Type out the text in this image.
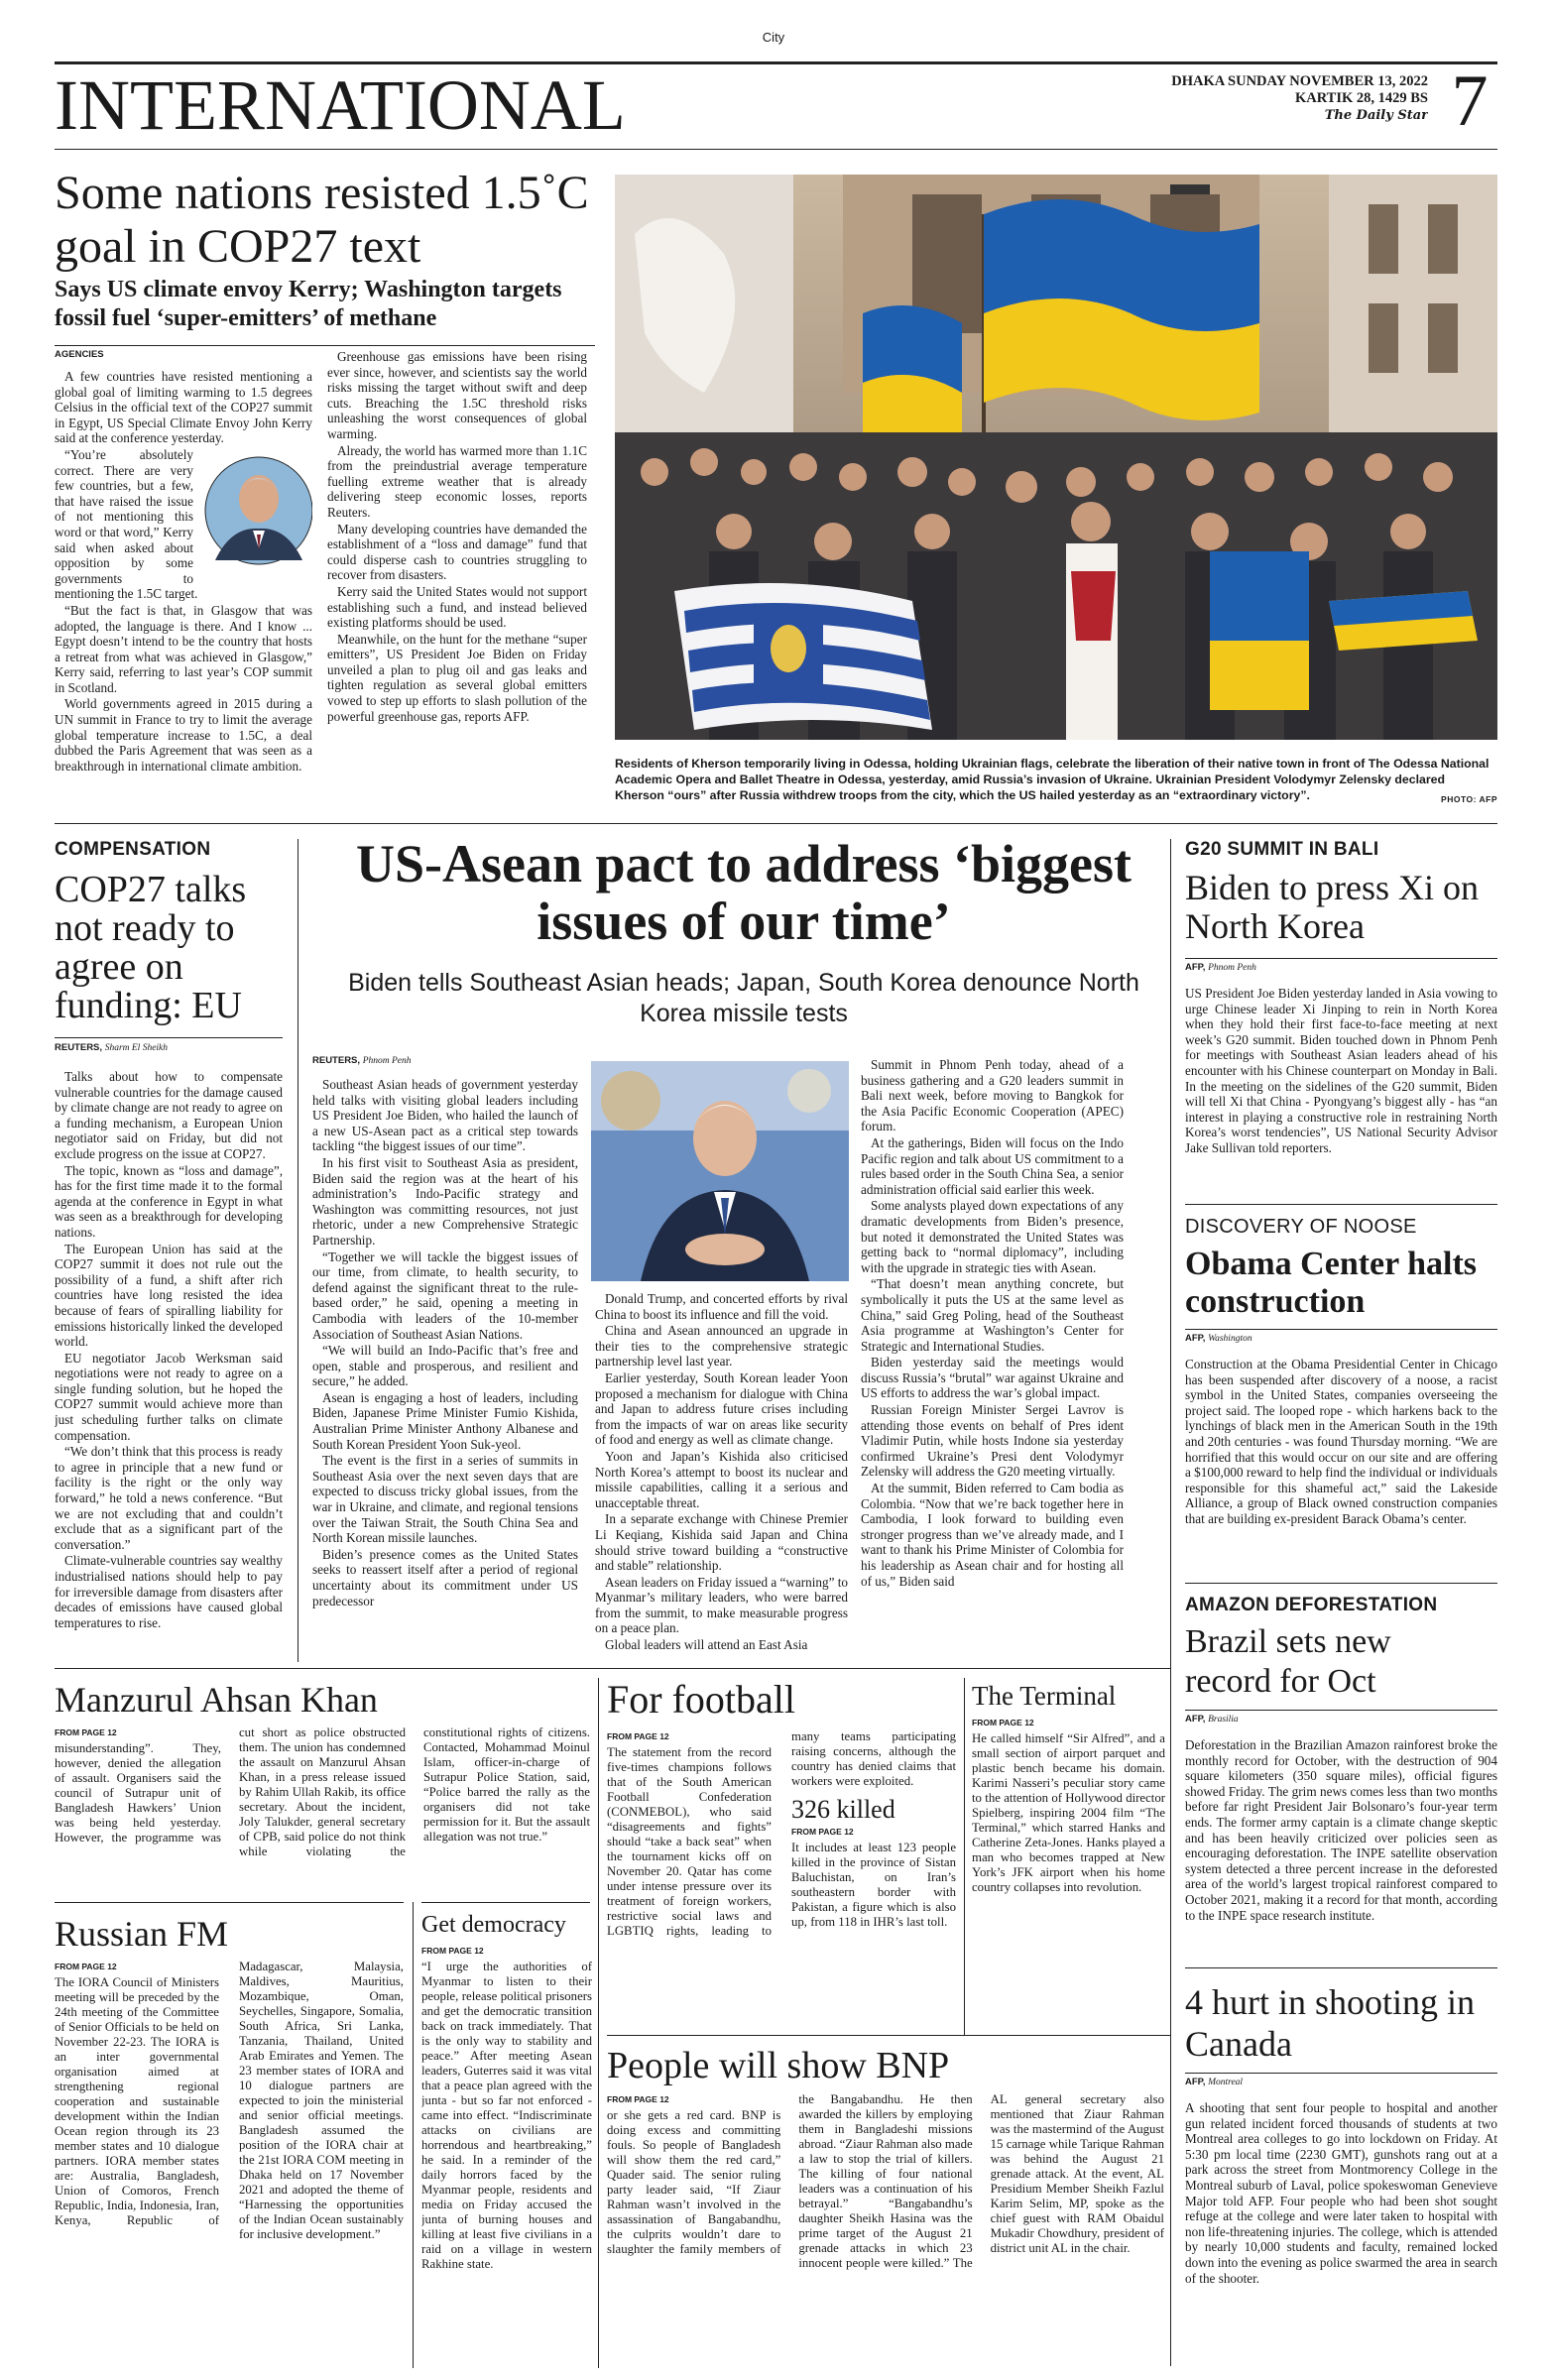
City
INTERNATIONAL	DHAKA SUNDAY NOVEMBER 13, 2022
KARTIK 28, 1429 BS
The Daily Star 7
Some nations resisted 1.5˚C goal in COP27 text
Says US climate envoy Kerry; Washington targets fossil fuel ‘super-emitters’ of methane
AGENCIES

A few countries have resisted mentioning a global goal of limiting warming to 1.5 degrees Celsius in the official text of the COP27 summit in Egypt, US Special Climate Envoy John Kerry said at the conference yesterday.

“You’re absolutely correct. There are very few countries, but a few, that have raised the issue of not mentioning this word or that word,” Kerry said when asked about opposition by some governments to mentioning the 1.5C target.

“But the fact is that, in Glasgow that was adopted, the language is there. And I know ... Egypt doesn’t intend to be the country that hosts a retreat from what was achieved in Glasgow,” Kerry said, referring to last year’s COP summit in Scotland.

World governments agreed in 2015 during a UN summit in France to try to limit the average global temperature increase to 1.5C, a deal dubbed the Paris Agreement that was seen as a breakthrough in international climate ambition.

Greenhouse gas emissions have been rising ever since, however, and scientists say the world risks missing the target without swift and deep cuts. Breaching the 1.5C threshold risks unleashing the worst consequences of global warming.

Already, the world has warmed more than 1.1C from the preindustrial average temperature fuelling extreme weather that is already delivering steep economic losses, reports Reuters.

Many developing countries have demanded the establishment of a “loss and damage” fund that could disperse cash to countries struggling to recover from disasters.

Kerry said the United States would not support establishing such a fund, and instead believed existing platforms should be used.

Meanwhile, on the hunt for the methane “super emitters”, US President Joe Biden on Friday unveiled a plan to plug oil and gas leaks and tighten regulation as several global emitters vowed to step up efforts to slash pollution of the powerful greenhouse gas, reports AFP.

Residents of Kherson temporarily living in Odessa, holding Ukrainian flags, celebrate the liberation of their native town in front of The Odessa National Academic Opera and Ballet Theatre in Odessa, yesterday, amid Russia’s invasion of Ukraine. Ukrainian President Volodymyr Zelensky declared Kherson “ours” after Russia withdrew troops from the city, which the US hailed yesterday as an “extraordinary victory”.	PHOTO: AFP
COMPENSATION
COP27 talks not ready to agree on funding: EU
REUTERS, Sharm El Sheikh

Talks about how to compensate vulnerable countries for the damage caused by climate change are not ready to agree on a funding mechanism, a European Union negotiator said on Friday, but did not exclude progress on the issue at COP27.

The topic, known as “loss and damage”, has for the first time made it to the formal agenda at the conference in Egypt in what was seen as a breakthrough for developing nations.

The European Union has said at the COP27 summit it does not rule out the possibility of a fund, a shift after rich countries have long resisted the idea because of fears of spiralling liability for emissions historically linked the developed world.

EU negotiator Jacob Werksman said negotiations were not ready to agree on a single funding solution, but he hoped the COP27 summit would achieve more than just scheduling further talks on climate compensation.

“We don’t think that this process is ready to agree in principle that a new fund or facility is the right or the only way forward,” he told a news conference. “But we are not excluding that and couldn’t exclude that as a significant part of the conversation.”

Climate-vulnerable countries say wealthy industrialised nations should help to pay for irreversible damage from disasters after decades of emissions have caused global temperatures to rise.

US-Asean pact to address ‘biggest issues of our time’
Biden tells Southeast Asian heads; Japan, South Korea denounce North Korea missile tests
REUTERS, Phnom Penh

Southeast Asian heads of government yesterday held talks with visiting global leaders including US President Joe Biden, who hailed the launch of a new US-Asean pact as a critical step towards tackling “the biggest issues of our time”.

In his first visit to Southeast Asia as president, Biden said the region was at the heart of his administration’s Indo-Pacific strategy and Washington was committing resources, not just rhetoric, under a new Comprehensive Strategic Partnership.

“Together we will tackle the biggest issues of our time, from climate, to health security, to defend against the significant threat to the rule-based order,” he said, opening a meeting in Cambodia with leaders of the 10-member Association of Southeast Asian Nations.

“We will build an Indo-Pacific that’s free and open, stable and prosperous, and resilient and secure,” he added.

Asean is engaging a host of leaders, including Biden, Japanese Prime Minister Fumio Kishida, Australian Prime Minister Anthony Albanese and South Korean President Yoon Suk-yeol.

The event is the first in a series of summits in Southeast Asia over the next seven days that are expected to discuss tricky global issues, from the war in Ukraine, and climate, and regional tensions over the Taiwan Strait, the South China Sea and North Korean missile launches.

Biden’s presence comes as the United States seeks to reassert itself after a period of regional uncertainty about its commitment under US predecessor

Donald Trump, and concerted efforts by rival China to boost its influence and fill the void.

China and Asean announced an upgrade in their ties to the comprehensive strategic partnership level last year.

Earlier yesterday, South Korean leader Yoon proposed a mechanism for dialogue with China and Japan to address future crises including from the impacts of war on areas like security of food and energy as well as climate change.

Yoon and Japan’s Kishida also criticised North Korea’s attempt to boost its nuclear and missile capabilities, calling it a serious and unacceptable threat.

In a separate exchange with Chinese Premier Li Keqiang, Kishida said Japan and China should strive toward building a “constructive and stable” relationship.

Asean leaders on Friday issued a “warning” to Myanmar’s military leaders, who were barred from the summit, to make measurable progress on a peace plan.

Global leaders will attend an East Asia

Summit in Phnom Penh today, ahead of a business gathering and a G20 leaders summit in Bali next week, before moving to Bangkok for the Asia Pacific Economic Cooperation (APEC) forum.

At the gatherings, Biden will focus on the Indo Pacific region and talk about US commitment to a rules based order in the South China Sea, a senior administration official said earlier this week.

Some analysts played down expectations of any dramatic developments from Biden’s presence, but noted it demonstrated the United States was getting back to “normal diplomacy”, including with the upgrade in strategic ties with Asean.

“That doesn’t mean anything concrete, but symbolically it puts the US at the same level as China,” said Greg Poling, head of the Southeast Asia programme at Washington’s Center for Strategic and International Studies.

Biden yesterday said the meetings would discuss Russia’s “brutal” war against Ukraine and US efforts to address the war’s global impact.

Russian Foreign Minister Sergei Lavrov is attending those events on behalf of Pres ident Vladimir Putin, while hosts Indone sia yesterday confirmed Ukraine’s Presi dent Volodymyr Zelensky will address the G20 meeting virtually.

At the summit, Biden referred to Cam bodia as Colombia. “Now that we’re back together here in Cambodia, I look forward to building even stronger progress than we’ve already made, and I want to thank his Prime Minister of Colombia for his leadership as Asean chair and for hosting all of us,” Biden said

G20 SUMMIT IN BALI
Biden to press Xi on North Korea
AFP, Phnom Penh
US President Joe Biden yesterday landed in Asia vowing to urge Chinese leader Xi Jinping to rein in North Korea when they hold their first face-to-face meeting at next week’s G20 summit. Biden touched down in Phnom Penh for meetings with Southeast Asian leaders ahead of his encounter with his Chinese counterpart on Monday in Bali. In the meeting on the sidelines of the G20 summit, Biden will tell Xi that China - Pyongyang’s biggest ally - has “an interest in playing a constructive role in restraining North Korea’s worst tendencies”, US National Security Advisor Jake Sullivan told reporters.
DISCOVERY OF NOOSE
Obama Center halts construction
AFP, Washington
Construction at the Obama Presidential Center in Chicago has been suspended after discovery of a noose, a racist symbol in the United States, companies overseeing the project said. The looped rope - which harkens back to the lynchings of black men in the American South in the 19th and 20th centuries - was found Thursday morning. “We are horrified that this would occur on our site and are offering a $100,000 reward to help find the individual or individuals responsible for this shameful act,” said the Lakeside Alliance, a group of Black owned construction companies that are building ex-president Barack Obama’s center.
AMAZON DEFORESTATION
Brazil sets new record for Oct
AFP, Brasilia
Deforestation in the Brazilian Amazon rainforest broke the monthly record for October, with the destruction of 904 square kilometers (350 square miles), official figures showed Friday. The grim news comes less than two months before far right President Jair Bolsonaro’s four-year term ends. The former army captain is a climate change skeptic and has been heavily criticized over policies seen as encouraging deforestation. The INPE satellite observation system detected a three percent increase in the deforested area of the world’s largest tropical rainforest compared to October 2021, making it a record for that month, according to the INPE space research institute.
4 hurt in shooting in Canada
AFP, Montreal
A shooting that sent four people to hospital and another gun related incident forced thousands of students at two Montreal area colleges to go into lockdown on Friday. At 5:30 pm local time (2230 GMT), gunshots rang out at a park across the street from Montmorency College in the Montreal suburb of Laval, police spokeswoman Genevieve Major told AFP. Four people who had been shot sought refuge at the college and were later taken to hospital with non life-threatening injuries. The college, which is attended by nearly 10,000 students and faculty, remained locked down into the evening as police swarmed the area in search of the shooter.
Manzurul Ahsan Khan
FROM PAGE 12
misunderstanding”. They, however, denied the allegation of assault. Organisers said the council of Sutrapur unit of Bangladesh Hawkers’ Union was being held yesterday. However, the programme was cut short as police obstructed them. The union has condemned the assault on Manzurul Ahsan Khan, in a press release issued by Rahim Ullah Rakib, its office secretary. About the incident, Joly Talukder, general secretary of CPB, said police do not think while violating the constitutional rights of citizens. Contacted, Mohammad Moinul Islam, officer-in-charge of Sutrapur Police Station, said, “Police barred the rally as the organisers did not take permission for it. But the assault allegation was not true.”
Russian FM
FROM PAGE 12
The IORA Council of Ministers meeting will be preceded by the 24th meeting of the Committee of Senior Officials to be held on November 22-23. The IORA is an inter governmental organisation aimed at strengthening regional cooperation and sustainable development within the Indian Ocean region through its 23 member states and 10 dialogue partners. IORA member states are: Australia, Bangladesh, Union of Comoros, French Republic, India, Indonesia, Iran, Kenya, Republic of Madagascar, Malaysia, Maldives, Mauritius, Mozambique, Oman, Seychelles, Singapore, Somalia, South Africa, Sri Lanka, Tanzania, Thailand, United Arab Emirates and Yemen. The 23 member states of IORA and 10 dialogue partners are expected to join the ministerial and senior official meetings. Bangladesh assumed the position of the IORA chair at the 21st IORA COM meeting in Dhaka held on 17 November 2021 and adopted the theme of “Harnessing the opportunities of the Indian Ocean sustainably for inclusive development.”
Get democracy
FROM PAGE 12
“I urge the authorities of Myanmar to listen to their people, release political prisoners and get the democratic transition back on track immediately. That is the only way to stability and peace.” After meeting Asean leaders, Guterres said it was vital that a peace plan agreed with the junta - but so far not enforced - came into effect. “Indiscriminate attacks on civilians are horrendous and heartbreaking,” he said. In a reminder of the daily horrors faced by the Myanmar people, residents and media on Friday accused the junta of burning houses and killing at least five civilians in a raid on a village in western Rakhine state.
For football
FROM PAGE 12
The statement from the record five-times champions follows that of the South American Football Confederation (CONMEBOL), who said “disagreements and fights” should “take a back seat” when the tournament kicks off on November 20. Qatar has come under intense pressure over its treatment of foreign workers, restrictive social laws and LGBTIQ rights, leading to many teams participating raising concerns, although the country has denied claims that workers were exploited.
326 killed
FROM PAGE 12
It includes at least 123 people killed in the province of Sistan Baluchistan, on Iran’s southeastern border with Pakistan, a figure which is also up, from 118 in IHR’s last toll.
The Terminal
FROM PAGE 12
He called himself “Sir Alfred”, and a small section of airport parquet and plastic bench became his domain. Karimi Nasseri’s peculiar story came to the attention of Hollywood director Spielberg, inspiring 2004 film “The Terminal,” which starred Hanks and Catherine Zeta-Jones. Hanks played a man who becomes trapped at New York’s JFK airport when his home country collapses into revolution.
People will show BNP
FROM PAGE 12
or she gets a red card. BNP is doing excess and committing fouls. So people of Bangladesh will show them the red card,” Quader said. The senior ruling party leader said, “If Ziaur Rahman wasn’t involved in the assassination of Bangabandhu, the culprits wouldn’t dare to slaughter the family members of the Bangabandhu. He then awarded the killers by employing them in Bangladeshi missions abroad. “Ziaur Rahman also made a law to stop the trial of killers. The killing of four national leaders was a continuation of his betrayal.” “Bangabandhu’s daughter Sheikh Hasina was the prime target of the August 21 grenade attacks in which 23 innocent people were killed.” The AL general secretary also mentioned that Ziaur Rahman was the mastermind of the August 15 carnage while Tarique Rahman was behind the August 21 grenade attack. At the event, AL Presidium Member Sheikh Fazlul Karim Selim, MP, spoke as the chief guest with RAM Obaidul Mukadir Chowdhury, president of district unit AL in the chair.
